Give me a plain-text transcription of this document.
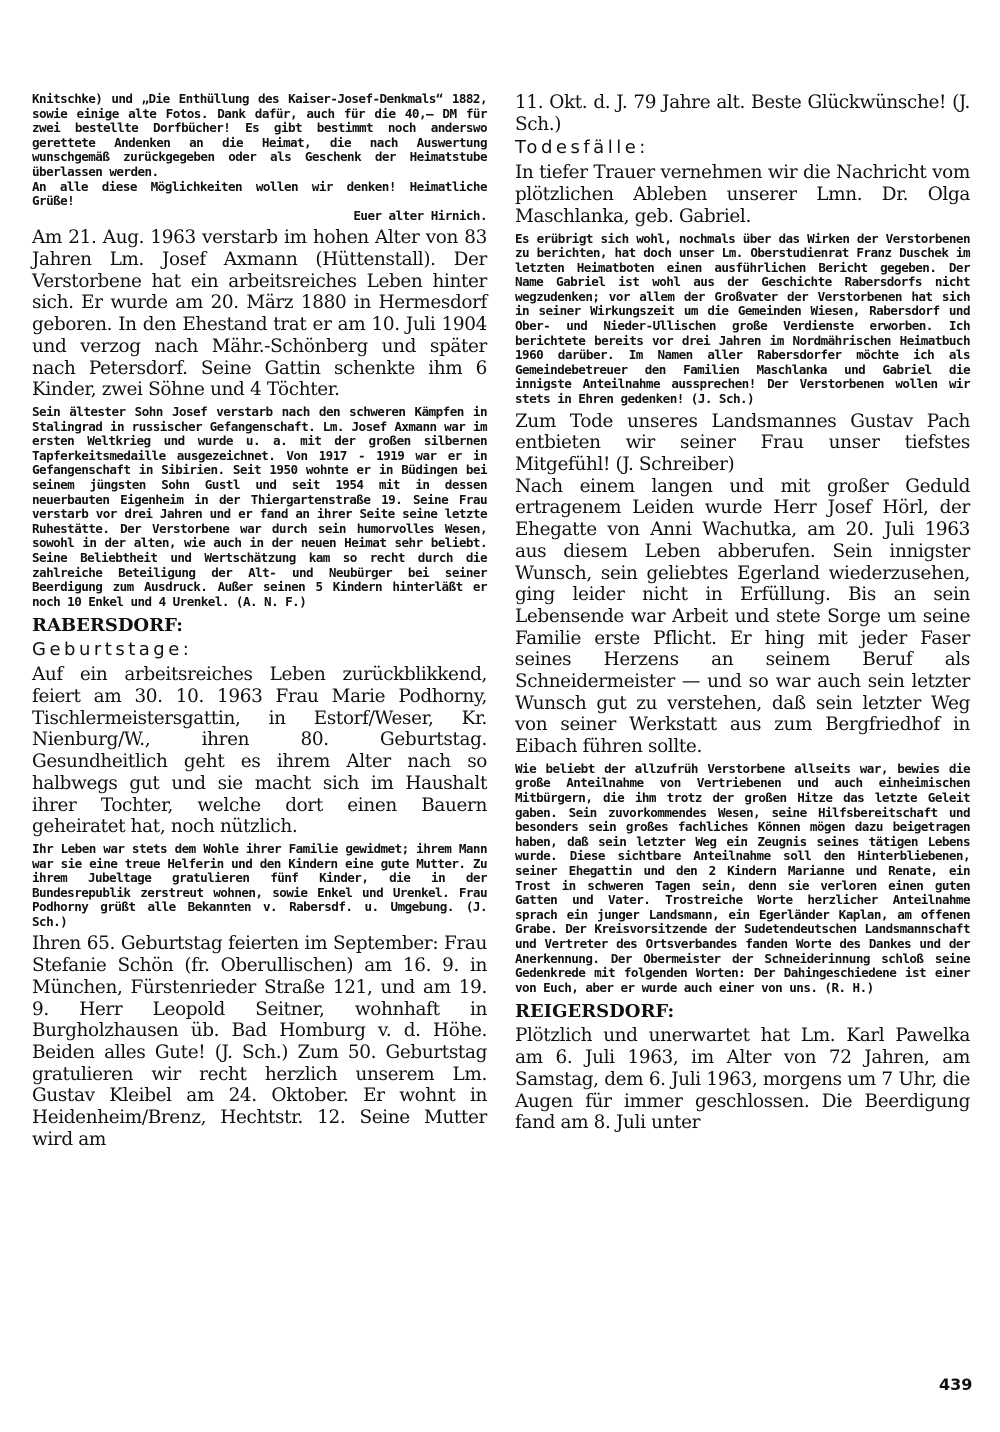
Knitschke) und „Die Enthüllung des Kaiser-Josef-Denkmals“ 1882, sowie einige alte Fotos. Dank dafür, auch für die 40,— DM für zwei bestellte Dorfbücher! Es gibt bestimmt noch anderswo gerettete Andenken an die Heimat, die nach Auswertung wunschgemäß zurückgegeben oder als Geschenk der Heimatstube überlassen werden.

An alle diese Möglichkeiten wollen wir denken! Heimatliche Grüße!

Euer alter Hirnich.

Am 21. Aug. 1963 verstarb im hohen Alter von 83 Jahren Lm. Josef Axmann (Hüttenstall). Der Verstorbene hat ein arbeitsreiches Leben hinter sich. Er wurde am 20. März 1880 in Hermesdorf geboren. In den Ehestand trat er am 10. Juli 1904 und verzog nach Mähr.-Schönberg und später nach Petersdorf. Seine Gattin schenkte ihm 6 Kinder, zwei Söhne und 4 Töchter.

Sein ältester Sohn Josef verstarb nach den schweren Kämpfen in Stalingrad in russischer Gefangenschaft. Lm. Josef Axmann war im ersten Weltkrieg und wurde u. a. mit der großen silbernen Tapferkeitsmedaille ausgezeichnet. Von 1917 - 1919 war er in Gefangenschaft in Sibirien. Seit 1950 wohnte er in Büdingen bei seinem jüngsten Sohn Gustl und seit 1954 mit in dessen neuerbauten Eigenheim in der Thiergartenstraße 19. Seine Frau verstarb vor drei Jahren und er fand an ihrer Seite seine letzte Ruhestätte. Der Verstorbene war durch sein humorvolles Wesen, sowohl in der alten, wie auch in der neuen Heimat sehr beliebt. Seine Beliebtheit und Wertschätzung kam so recht durch die zahlreiche Beteiligung der Alt- und Neubürger bei seiner Beerdigung zum Ausdruck. Außer seinen 5 Kindern hinterläßt er noch 10 Enkel und 4 Urenkel. (A. N. F.)

RABERSDORF:
Geburtstage:

Auf ein arbeitsreiches Leben zurückblikkend, feiert am 30. 10. 1963 Frau Marie Podhorny, Tischlermeistersgattin, in Estorf/Weser, Kr. Nienburg/W., ihren 80. Geburtstag. Gesundheitlich geht es ihrem Alter nach so halbwegs gut und sie macht sich im Haushalt ihrer Tochter, welche dort einen Bauern geheiratet hat, noch nützlich.

Ihr Leben war stets dem Wohle ihrer Familie gewidmet; ihrem Mann war sie eine treue Helferin und den Kindern eine gute Mutter. Zu ihrem Jubeltage gratulieren fünf Kinder, die in der Bundesrepublik zerstreut wohnen, sowie Enkel und Urenkel. Frau Podhorny grüßt alle Bekannten v. Rabersdf. u. Umgebung. (J. Sch.)

Ihren 65. Geburtstag feierten im September: Frau Stefanie Schön (fr. Oberullischen) am 16. 9. in München, Fürstenrieder Straße 121, und am 19. 9. Herr Leopold Seitner, wohnhaft in Burgholzhausen üb. Bad Homburg v. d. Höhe. Beiden alles Gute! (J. Sch.) Zum 50. Geburtstag gratulieren wir recht herzlich unserem Lm. Gustav Kleibel am 24. Oktober. Er wohnt in Heidenheim/Brenz, Hechtstr. 12. Seine Mutter wird am

11. Okt. d. J. 79 Jahre alt. Beste Glückwünsche! (J. Sch.)

Todesfälle:

In tiefer Trauer vernehmen wir die Nachricht vom plötzlichen Ableben unserer Lmn. Dr. Olga Maschlanka, geb. Gabriel.

Es erübrigt sich wohl, nochmals über das Wirken der Verstorbenen zu berichten, hat doch unser Lm. Oberstudienrat Franz Duschek im letzten Heimatboten einen ausführlichen Bericht gegeben. Der Name Gabriel ist wohl aus der Geschichte Rabersdorfs nicht wegzudenken; vor allem der Großvater der Verstorbenen hat sich in seiner Wirkungszeit um die Gemeinden Wiesen, Rabersdorf und Ober- und Nieder-Ullischen große Verdienste erworben. Ich berichtete bereits vor drei Jahren im Nordmährischen Heimatbuch 1960 darüber. Im Namen aller Rabersdorfer möchte ich als Gemeindebetreuer den Familien Maschlanka und Gabriel die innigste Anteilnahme aussprechen! Der Verstorbenen wollen wir stets in Ehren gedenken! (J. Sch.)

Zum Tode unseres Landsmannes Gustav Pach entbieten wir seiner Frau unser tiefstes Mitgefühl! (J. Schreiber)

Nach einem langen und mit großer Geduld ertragenem Leiden wurde Herr Josef Hörl, der Ehegatte von Anni Wachutka, am 20. Juli 1963 aus diesem Leben abberufen. Sein innigster Wunsch, sein geliebtes Egerland wiederzusehen, ging leider nicht in Erfüllung. Bis an sein Lebensende war Arbeit und stete Sorge um seine Familie erste Pflicht. Er hing mit jeder Faser seines Herzens an seinem Beruf als Schneidermeister — und so war auch sein letzter Wunsch gut zu verstehen, daß sein letzter Weg von seiner Werkstatt aus zum Bergfriedhof in Eibach führen sollte.

Wie beliebt der allzufrüh Verstorbene allseits war, bewies die große Anteilnahme von Vertriebenen und auch einheimischen Mitbürgern, die ihm trotz der großen Hitze das letzte Geleit gaben. Sein zuvorkommendes Wesen, seine Hilfsbereitschaft und besonders sein großes fachliches Können mögen dazu beigetragen haben, daß sein letzter Weg ein Zeugnis seines tätigen Lebens wurde. Diese sichtbare Anteilnahme soll den Hinterbliebenen, seiner Ehegattin und den 2 Kindern Marianne und Renate, ein Trost in schweren Tagen sein, denn sie verloren einen guten Gatten und Vater. Trostreiche Worte herzlicher Anteilnahme sprach ein junger Landsmann, ein Egerländer Kaplan, am offenen Grabe. Der Kreisvorsitzende der Sudetendeutschen Landsmannschaft und Vertreter des Ortsverbandes fanden Worte des Dankes und der Anerkennung. Der Obermeister der Schneiderinnung schloß seine Gedenkrede mit folgenden Worten: Der Dahingeschiedene ist einer von Euch, aber er wurde auch einer von uns. (R. H.)

REIGERSDORF:

Plötzlich und unerwartet hat Lm. Karl Pawelka am 6. Juli 1963, im Alter von 72 Jahren, am Samstag, dem 6. Juli 1963, morgens um 7 Uhr, die Augen für immer geschlossen. Die Beerdigung fand am 8. Juli unter

439
